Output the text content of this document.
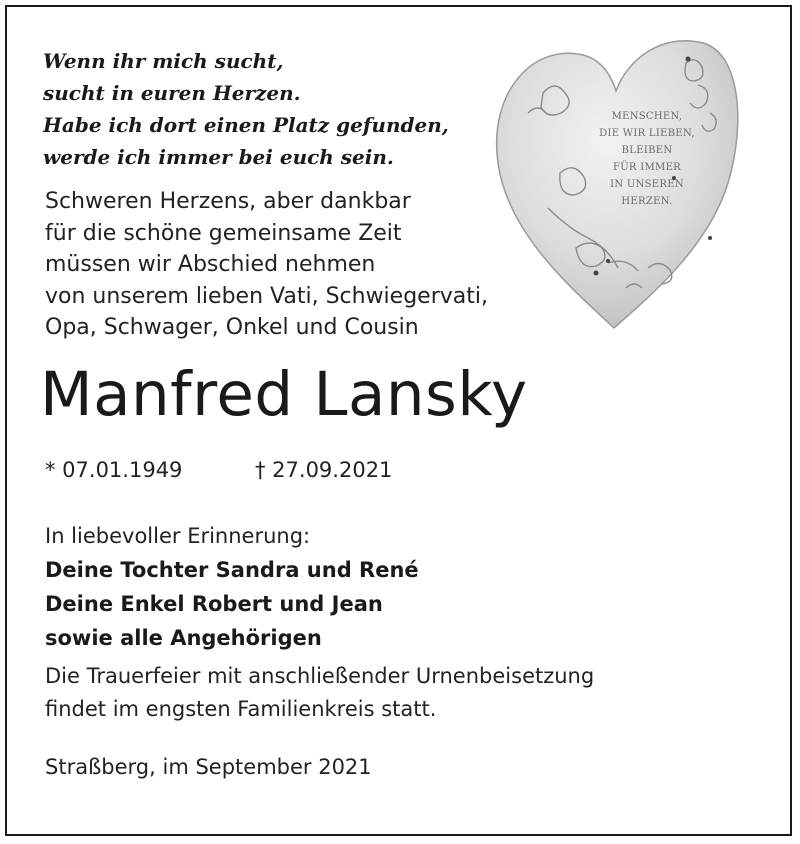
Wenn ihr mich sucht,
sucht in euren Herzen.
Habe ich dort einen Platz gefunden,
werde ich immer bei euch sein.
Schweren Herzens, aber dankbar
für die schöne gemeinsame Zeit
müssen wir Abschied nehmen
von unserem lieben Vati, Schwiegervati,
Opa, Schwager, Onkel und Cousin
MENSCHEN,
DIE WIR LIEBEN,
BLEIBEN
FÜR IMMER
IN UNSEREN
HERZEN.
Manfred Lansky
* 07.01.1949	† 27.09.2021
In liebevoller Erinnerung:
Deine Tochter Sandra und René
Deine Enkel Robert und Jean
sowie alle Angehörigen
Die Trauerfeier mit anschließender Urnenbeisetzung
findet im engsten Familienkreis statt.
Straßberg, im September 2021
